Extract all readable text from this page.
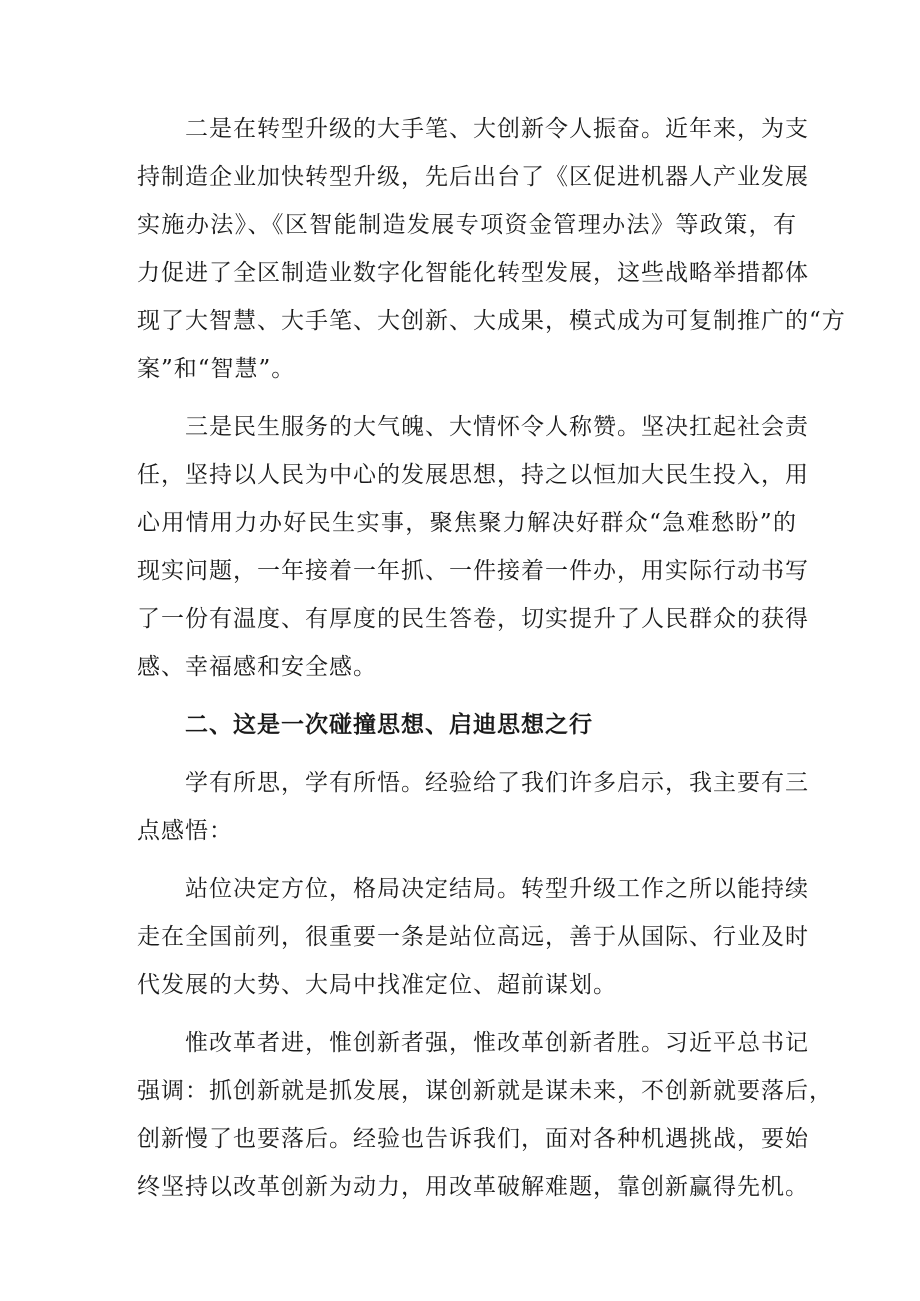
二是在转型升级的大手笔、大创新令人振奋。近年来，为支
持制造企业加快转型升级，先后出台了《区促进机器人产业发展
实施办法》、《区智能制造发展专项资金管理办法》等政策，有
力促进了全区制造业数字化智能化转型发展，这些战略举措都体
现了大智慧、大手笔、大创新、大成果，模式成为可复制推广的“方
案”和“智慧”。
三是民生服务的大气魄、大情怀令人称赞。坚决扛起社会责
任，坚持以人民为中心的发展思想，持之以恒加大民生投入，用
心用情用力办好民生实事，聚焦聚力解决好群众“急难愁盼”的
现实问题，一年接着一年抓、一件接着一件办，用实际行动书写
了一份有温度、有厚度的民生答卷，切实提升了人民群众的获得
感、幸福感和安全感。
二、这是一次碰撞思想、启迪思想之行
学有所思，学有所悟。经验给了我们许多启示，我主要有三
点感悟：
站位决定方位，格局决定结局。转型升级工作之所以能持续
走在全国前列，很重要一条是站位高远，善于从国际、行业及时
代发展的大势、大局中找准定位、超前谋划。
惟改革者进，惟创新者强，惟改革创新者胜。习近平总书记
强调：抓创新就是抓发展，谋创新就是谋未来，不创新就要落后，
创新慢了也要落后。经验也告诉我们，面对各种机遇挑战，要始
终坚持以改革创新为动力，用改革破解难题，靠创新赢得先机。
